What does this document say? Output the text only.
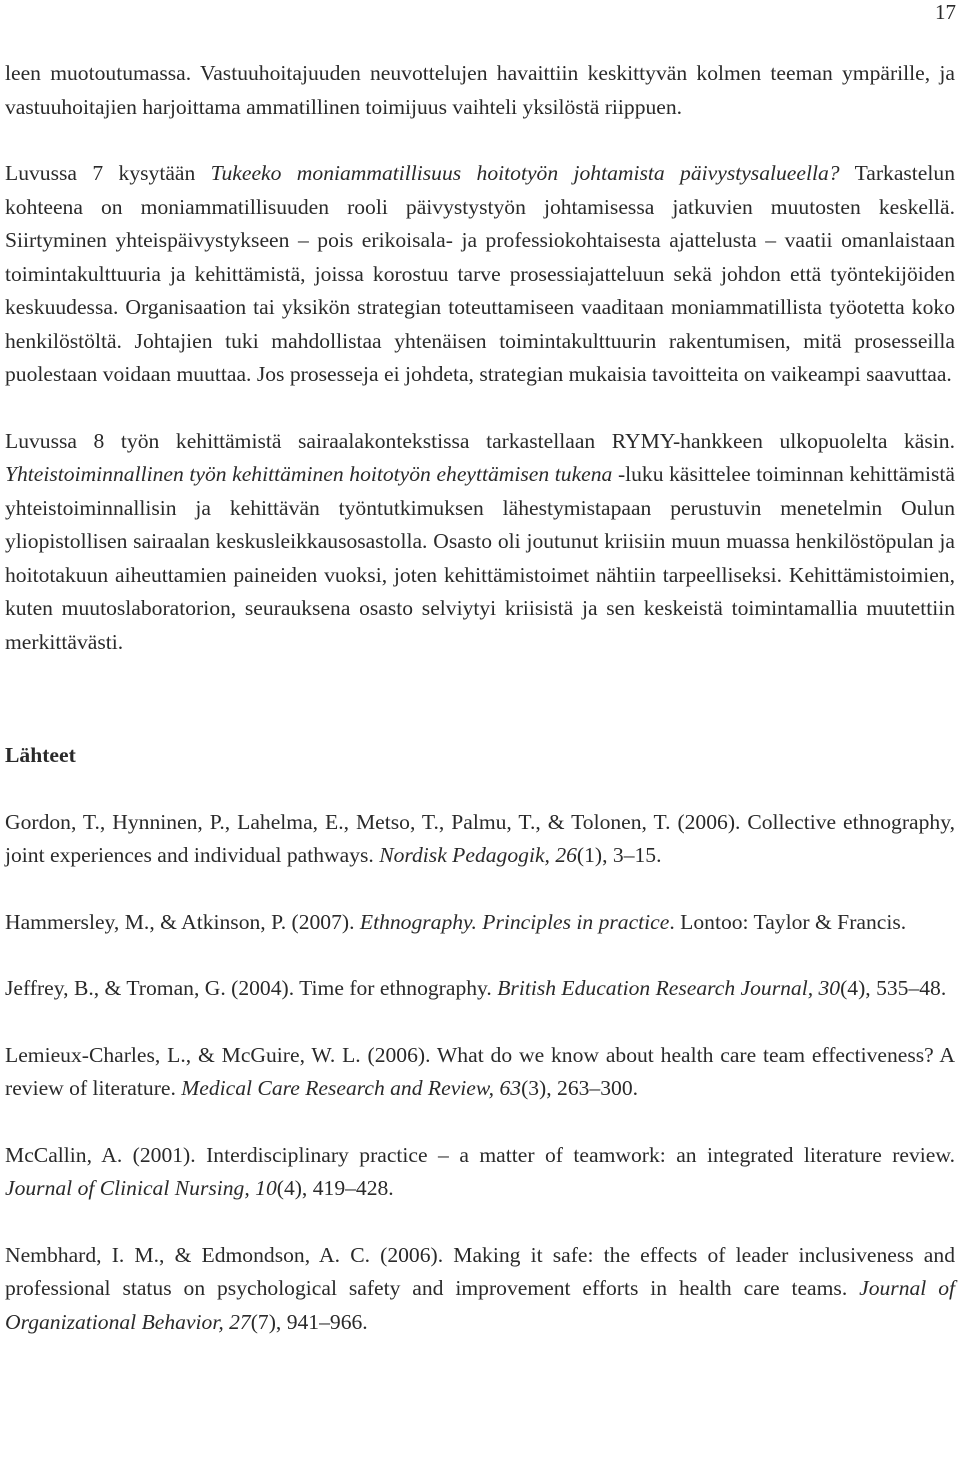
17

leen muotoutumassa. Vastuuhoitajuuden neuvottelujen havaittiin keskittyvän kolmen teeman ympärille, ja vastuuhoitajien harjoittama ammatillinen toimijuus vaihteli yksilöstä riippuen.

Luvussa 7 kysytään Tukeeko moniammatillisuus hoitotyön johtamista päivystysalueella? Tarkastelun kohteena on moniammatillisuuden rooli päivystystyön johtamisessa jatkuvien muutosten keskellä. Siirtyminen yhteispäivystykseen – pois erikoisala- ja professiokohtaisesta ajattelusta – vaatii omanlaistaan toimintakulttuuria ja kehittämistä, joissa korostuu tarve prosessiajatteluun sekä johdon että työntekijöiden keskuudessa. Organisaation tai yksikön strategian toteuttamiseen vaaditaan moniammatillista työotetta koko henkilöstöltä. Johtajien tuki mahdollistaa yhtenäisen toimintakulttuurin rakentumisen, mitä prosesseilla puolestaan voidaan muuttaa. Jos prosesseja ei johdeta, strategian mukaisia tavoitteita on vaikeampi saavuttaa.

Luvussa 8 työn kehittämistä sairaalakontekstissa tarkastellaan RYMY-hankkeen ulkopuolelta käsin. Yhteistoiminnallinen työn kehittäminen hoitotyön eheyttämisen tukena -luku käsittelee toiminnan kehittämistä yhteistoiminnallisin ja kehittävän työntutkimuksen lähestymistapaan perustuvin menetelmin Oulun yliopistollisen sairaalan keskusleikkausosastolla. Osasto oli joutunut kriisiin muun muassa henkilöstöpulan ja hoitotakuun aiheuttamien paineiden vuoksi, joten kehittämistoimet nähtiin tarpeelliseksi. Kehittämistoimien, kuten muutoslaboratorion, seurauksena osasto selviytyi kriisistä ja sen keskeistä toimintamallia muutettiin merkittävästi.

Lähteet

Gordon, T., Hynninen, P., Lahelma, E., Metso, T., Palmu, T., & Tolonen, T. (2006). Collective ethnography, joint experiences and individual pathways. Nordisk Pedagogik, 26(1), 3–15.

Hammersley, M., & Atkinson, P. (2007). Ethnography. Principles in practice. Lontoo: Taylor & Francis.

Jeffrey, B., & Troman, G. (2004). Time for ethnography. British Education Research Journal, 30(4), 535–48.

Lemieux-Charles, L., & McGuire, W. L. (2006). What do we know about health care team effectiveness? A review of literature. Medical Care Research and Review, 63(3), 263–300.

McCallin, A. (2001). Interdisciplinary practice – a matter of teamwork: an integrated literature review. Journal of Clinical Nursing, 10(4), 419–428.

Nembhard, I. M., & Edmondson, A. C. (2006). Making it safe: the effects of leader inclusiveness and professional status on psychological safety and improvement efforts in health care teams. Journal of Organizational Behavior, 27(7), 941–966.
